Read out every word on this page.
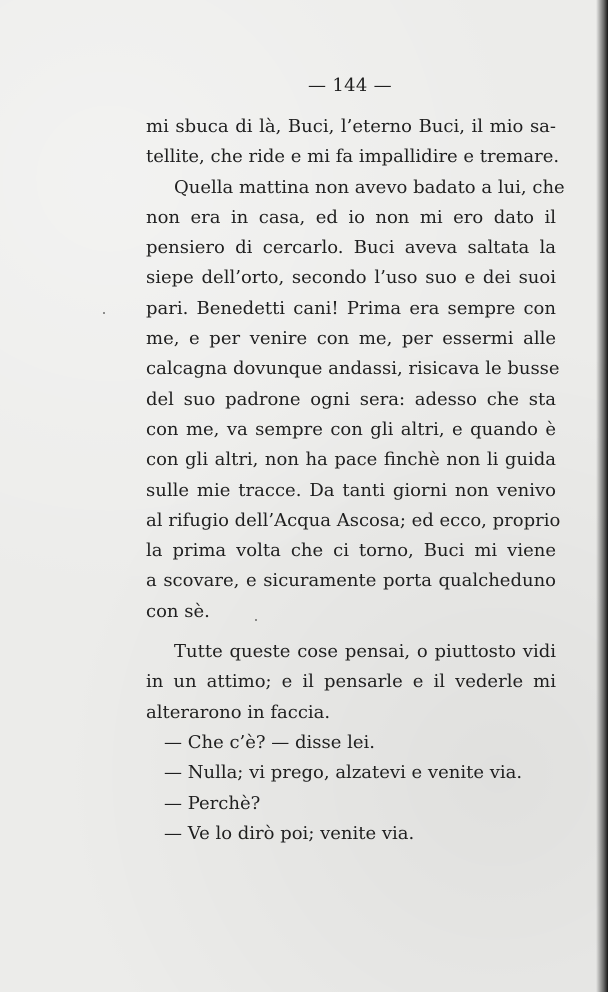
— 144 —
mi sbuca di là, Buci, l’eterno Buci, il mio sa-
tellite, che ride e mi fa impallidire e tremare.
Quella mattina non avevo badato a lui, che
non era in casa, ed io non mi ero dato il
pensiero di cercarlo. Buci aveva saltata la
siepe dell’orto, secondo l’uso suo e dei suoi
pari. Benedetti cani! Prima era sempre con
me, e per venire con me, per essermi alle
calcagna dovunque andassi, risicava le busse
del suo padrone ogni sera: adesso che sta
con me, va sempre con gli altri, e quando è
con gli altri, non ha pace finchè non li guida
sulle mie tracce. Da tanti giorni non venivo
al rifugio dell’Acqua Ascosa; ed ecco, proprio
la prima volta che ci torno, Buci mi viene
a scovare, e sicuramente porta qualcheduno
con sè.
Tutte queste cose pensai, o piuttosto vidi
in un attimo; e il pensarle e il vederle mi
alterarono in faccia.
— Che c’è? — disse lei.
— Nulla; vi prego, alzatevi e venite via.
— Perchè?
— Ve lo dirò poi; venite via.
